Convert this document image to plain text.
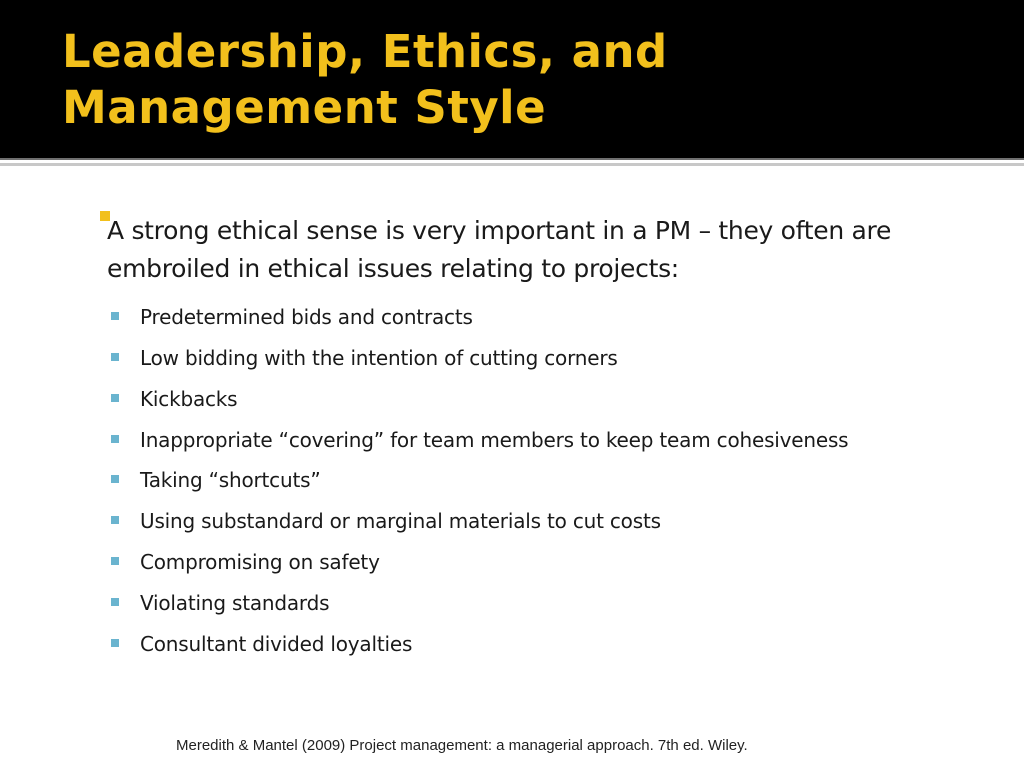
Leadership, Ethics, and Management Style

A strong ethical sense is very important in a PM – they often are embroiled in ethical issues relating to projects:

Predetermined bids and contracts
Low bidding with the intention of cutting corners
Kickbacks
Inappropriate “covering” for team members to keep team cohesiveness
Taking “shortcuts”
Using substandard or marginal materials to cut costs
Compromising on safety
Violating standards
Consultant divided loyalties

Meredith & Mantel (2009) Project management: a managerial approach. 7th ed. Wiley.
